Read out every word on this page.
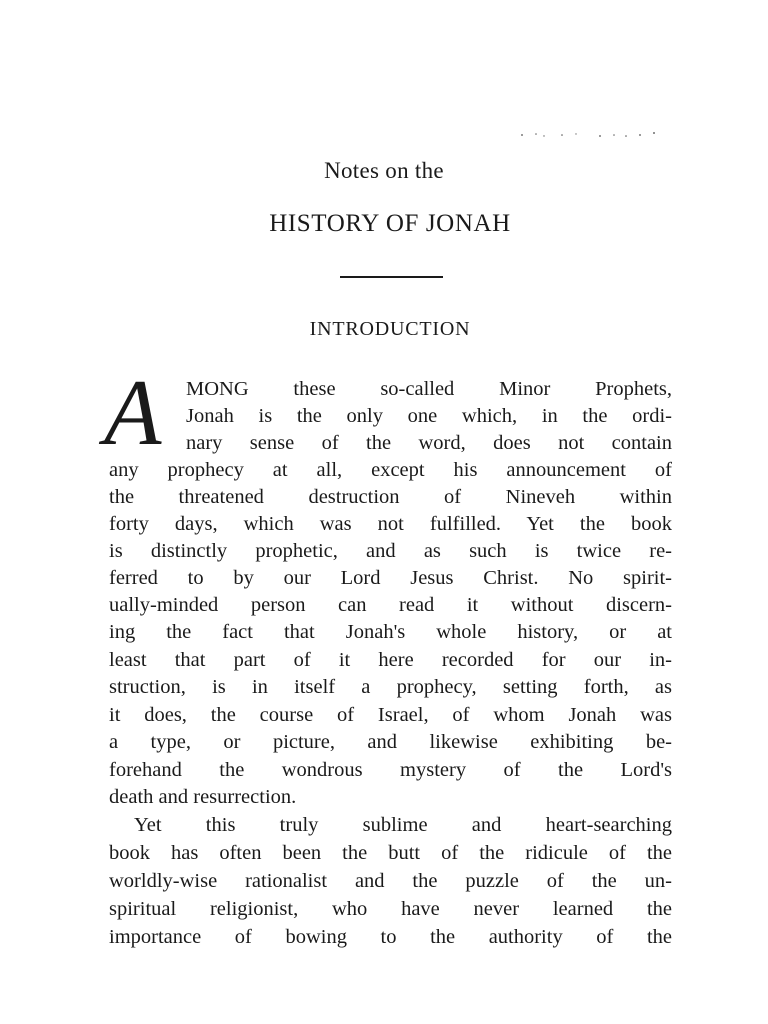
Notes on the
HISTORY OF JONAH
INTRODUCTION
A MONG these so-called Minor Prophets,
Jonah is the only one which, in the ordi-
nary sense of the word, does not contain
any prophecy at all, except his announcement of
the threatened destruction of Nineveh within
forty days, which was not fulfilled. Yet the book
is distinctly prophetic, and as such is twice re-
ferred to by our Lord Jesus Christ. No spirit-
ually-minded person can read it without discern-
ing the fact that Jonah's whole history, or at
least that part of it here recorded for our in-
struction, is in itself a prophecy, setting forth, as
it does, the course of Israel, of whom Jonah was
a type, or picture, and likewise exhibiting be-
forehand the wondrous mystery of the Lord's
death and resurrection.
Yet this truly sublime and heart-searching
book has often been the butt of the ridicule of the
worldly-wise rationalist and the puzzle of the un-
spiritual religionist, who have never learned the
importance of bowing to the authority of the
